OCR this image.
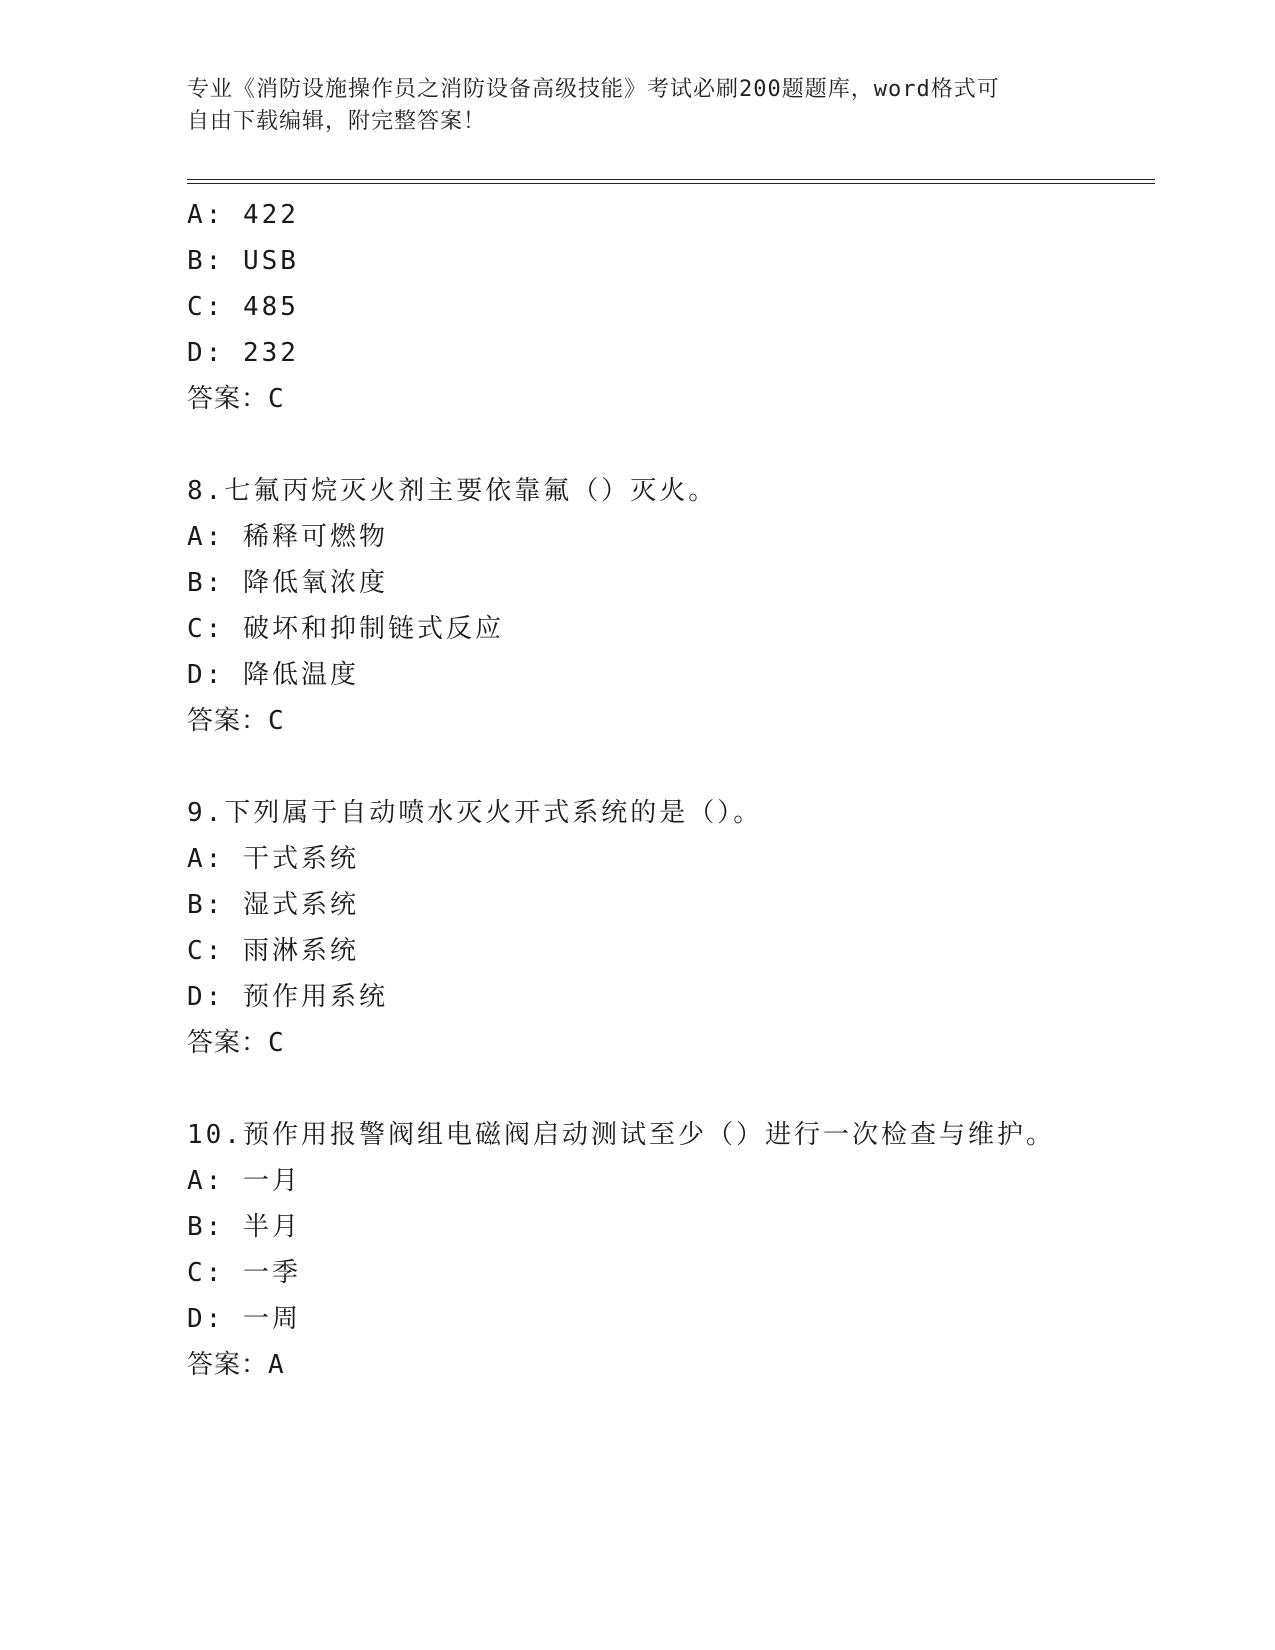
专业《消防设施操作员之消防设备高级技能》考试必刷200题题库，word格式可
自由下载编辑，附完整答案！
A: 422
B: USB
C: 485
D: 232
答案：C
8.七氟丙烷灭火剂主要依靠氟（）灭火。
A: 稀释可燃物
B: 降低氧浓度
C: 破坏和抑制链式反应
D: 降低温度
答案：C
9.下列属于自动喷水灭火开式系统的是（）。
A: 干式系统
B: 湿式系统
C: 雨淋系统
D: 预作用系统
答案：C
10.预作用报警阀组电磁阀启动测试至少（）进行一次检查与维护。
A: 一月
B: 半月
C: 一季
D: 一周
答案：A
